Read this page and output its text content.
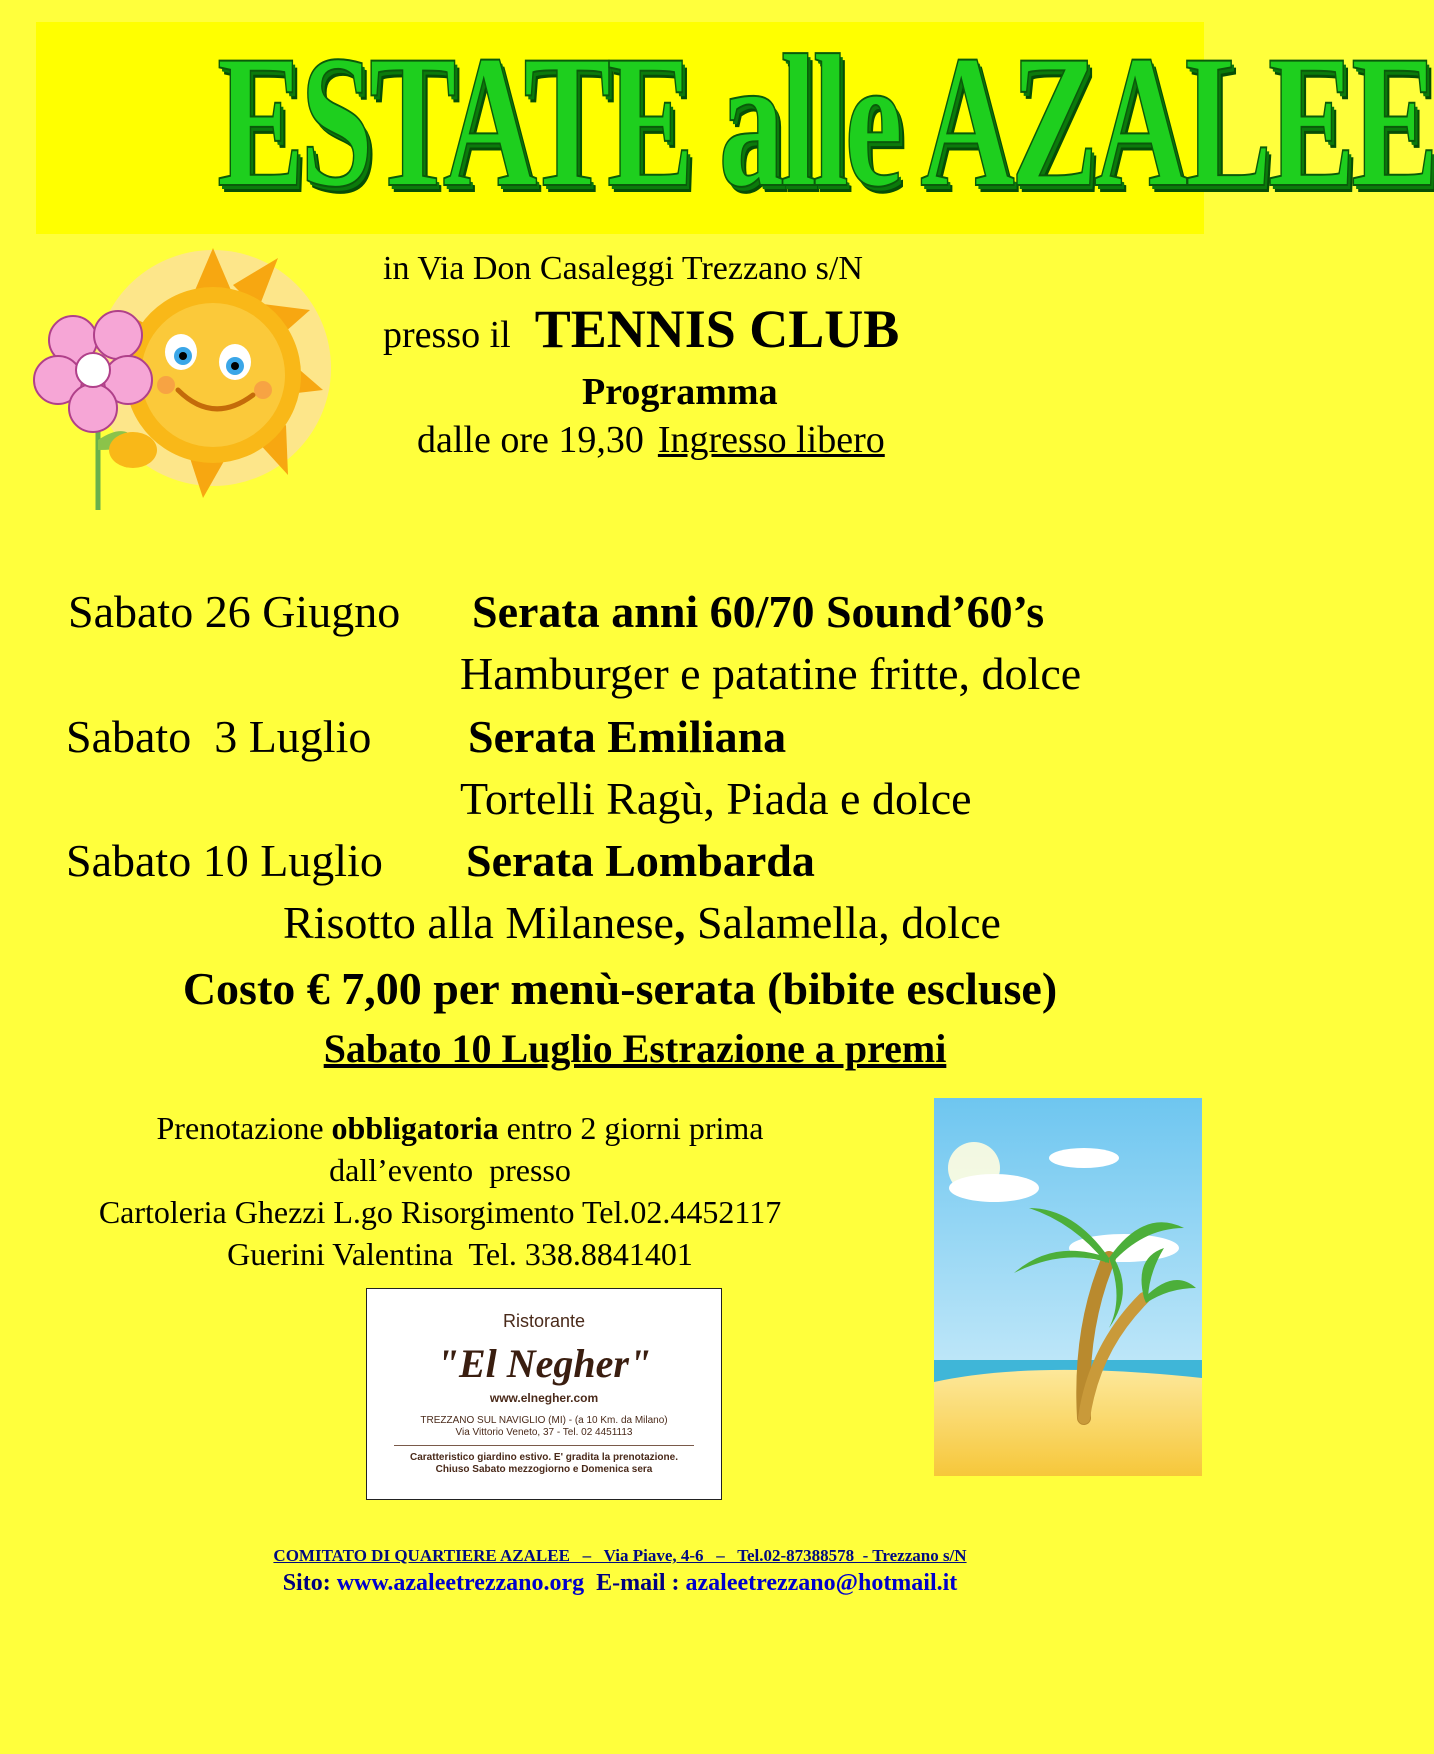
ESTATE alle AZALEE
in Via Don Casaleggi Trezzano s/N
presso il TENNIS CLUB
Programma
dalle ore 19,30 Ingresso libero
Sabato 26 Giugno Serata anni 60/70 Sound’60’s
Hamburger e patatine fritte, dolce
Sabato  3 Luglio Serata Emiliana
Tortelli Ragù, Piada e dolce
Sabato 10 Luglio Serata Lombarda
Risotto alla Milanese, Salamella, dolce
Costo € 7,00 per menù-serata (bibite escluse)
Sabato 10 Luglio Estrazione a premi
Prenotazione obbligatoria entro 2 giorni prima
dall’evento  presso
Cartoleria Ghezzi L.go Risorgimento Tel.02.4452117
Guerini Valentina  Tel. 338.8841401
Ristorante
"El Negher"
www.elnegher.com
TREZZANO SUL NAVIGLIO (MI) - (a 10 Km. da Milano)
Via Vittorio Veneto, 37 - Tel. 02 4451113
Caratteristico giardino estivo. E' gradita la prenotazione.
Chiuso Sabato mezzogiorno e Domenica sera
COMITATO DI QUARTIERE AZALEE   –   Via Piave, 4-6   –   Tel.02-87388578  - Trezzano s/N
Sito: www.azaleetrezzano.org  E-mail : azaleetrezzano@hotmail.it
